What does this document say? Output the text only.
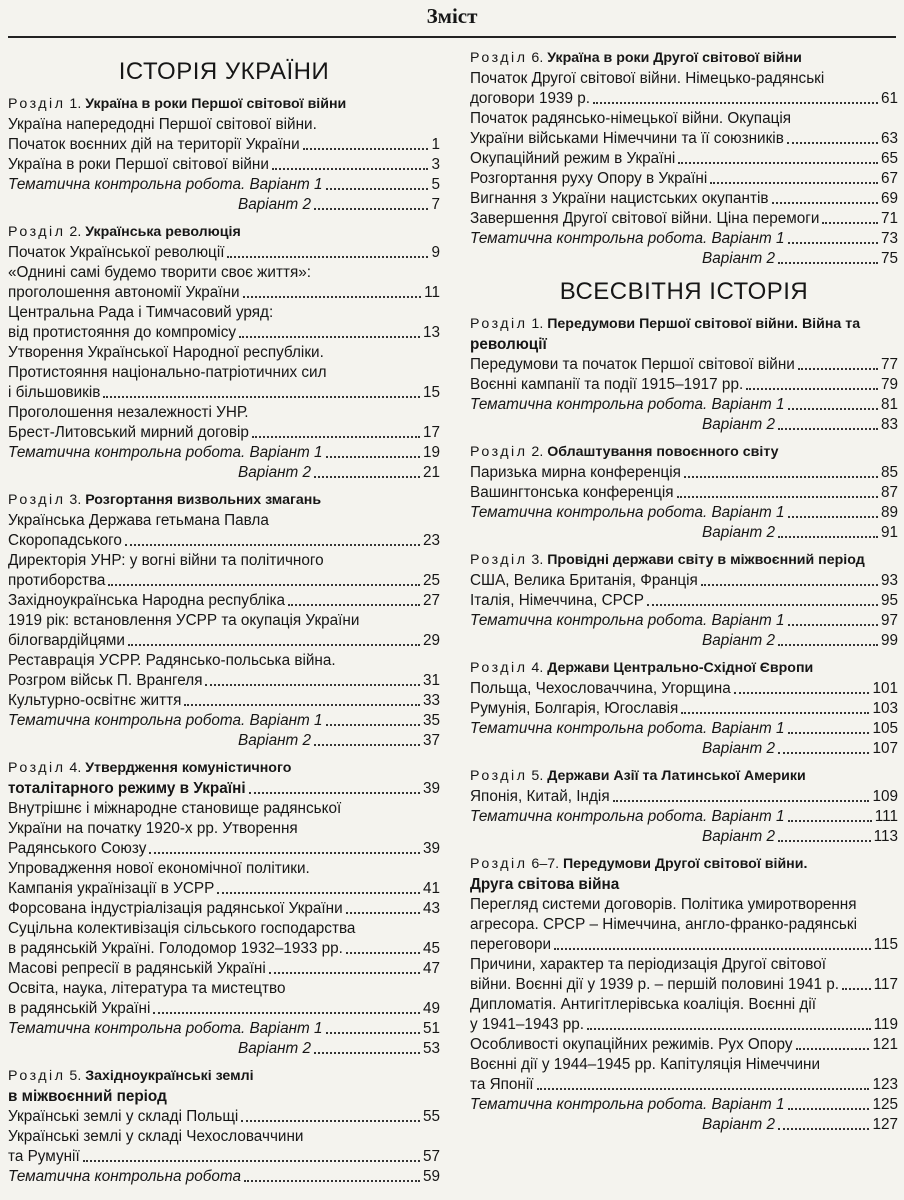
Зміст
ІСТОРІЯ УКРАЇНИ
Розділ 1. Україна в роки Першої світової війни
Україна напередодні Першої світової війни.
Початок воєнних дій на території України	1
Україна в роки Першої світової війни	3
Тематична контрольна робота. Варіант 1	5
Варіант 2	7
Розділ 2. Українська революція
Початок Української революції	9
«Однині самі будемо творити своє життя»:
проголошення автономії України	11
Центральна Рада і Тимчасовий уряд:
від протистояння до компромісу	13
Утворення Української Народної республіки.
Протистояння національно-патріотичних сил
і більшовиків	15
Проголошення незалежності УНР.
Брест-Литовський мирний договір	17
Тематична контрольна робота. Варіант 1	19
Варіант 2	21
Розділ 3. Розгортання визвольних змагань
Українська Держава гетьмана Павла
Скоропадського	23
Директорія УНР: у вогні війни та політичного
протиборства	25
Західноукраїнська Народна республіка	27
1919 рік: встановлення УСРР та окупація України
білогвардійцями	29
Реставрація УСРР. Радянсько-польська війна.
Розгром військ П. Врангеля	31
Культурно-освітнє життя	33
Тематична контрольна робота. Варіант 1	35
Варіант 2	37
Розділ 4. Утвердження комуністичного
тоталітарного режиму в Україні	39
Внутрішнє і міжнародне становище радянської
України на початку 1920-х рр. Утворення
Радянського Союзу	39
Упровадження нової економічної політики.
Кампанія українізації в УСРР	41
Форсована індустріалізація радянської України	43
Суцільна колективізація сільського господарства
в радянській Україні. Голодомор 1932–1933 рр.	45
Масові репресії в радянській Україні	47
Освіта, наука, література та мистецтво
в радянській Україні	49
Тематична контрольна робота. Варіант 1	51
Варіант 2	53
Розділ 5. Західноукраїнські землі
в міжвоєнний період
Українські землі у складі Польщі	55
Українські землі у складі Чехословаччини
та Румунії	57
Тематична контрольна робота	59
Розділ 6. Україна в роки Другої світової війни
Початок Другої світової війни. Німецько-радянські
договори 1939 р.	61
Початок радянсько-німецької війни. Окупація
України військами Німеччини та її союзників	63
Окупаційний режим в Україні	65
Розгортання руху Опору в Україні	67
Вигнання з України нацистських окупантів	69
Завершення Другої світової війни. Ціна перемоги	71
Тематична контрольна робота. Варіант 1	73
Варіант 2	75
ВСЕСВІТНЯ ІСТОРІЯ
Розділ 1. Передумови Першої світової війни. Війна та
революції
Передумови та початок Першої світової війни	77
Воєнні кампанії та події 1915–1917 рр.	79
Тематична контрольна робота. Варіант 1	81
Варіант 2	83
Розділ 2. Облаштування повоєнного світу
Паризька мирна конференція	85
Вашингтонська конференція	87
Тематична контрольна робота. Варіант 1	89
Варіант 2	91
Розділ 3. Провідні держави світу в міжвоєнний період
США, Велика Британія, Франція	93
Італія, Німеччина, СРСР	95
Тематична контрольна робота. Варіант 1	97
Варіант 2	99
Розділ 4. Держави Центрально-Східної Європи
Польща, Чехословаччина, Угорщина	101
Румунія, Болгарія, Югославія	103
Тематична контрольна робота. Варіант 1	105
Варіант 2	107
Розділ 5. Держави Азії та Латинської Америки
Японія, Китай, Індія	109
Тематична контрольна робота. Варіант 1	111
Варіант 2	113
Розділ 6–7. Передумови Другої світової війни.
Друга світова війна
Перегляд системи договорів. Політика умиротворення
агресора. СРСР – Німеччина, англо-франко-радянські
переговори	115
Причини, характер та періодизація Другої світової
війни. Воєнні дії у 1939 р. – першій половині 1941 р. 117
Дипломатія. Антигітлерівська коаліція. Воєнні дії
у 1941–1943 рр.	119
Особливості окупаційних режимів. Рух Опору	121
Воєнні дії у 1944–1945 рр. Капітуляція Німеччини
та Японії	123
Тематична контрольна робота. Варіант 1	125
Варіант 2	127
